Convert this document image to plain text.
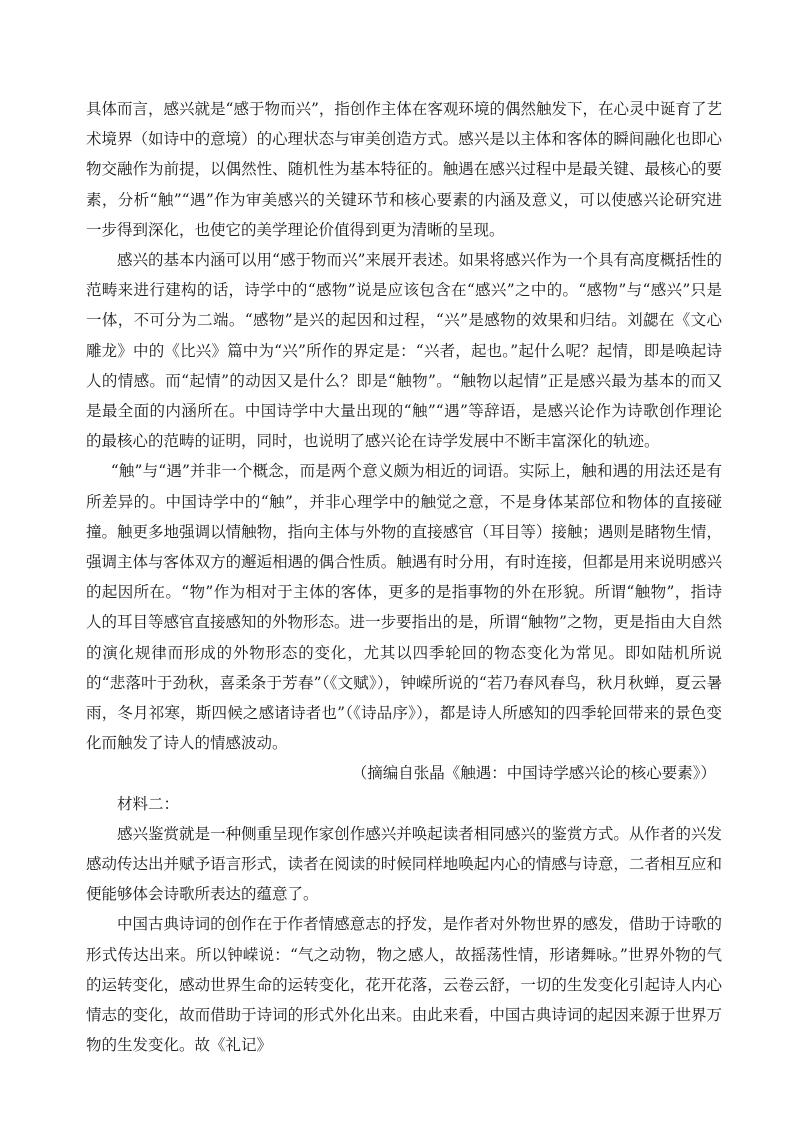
具体而言，感兴就是“感于物而兴”，指创作主体在客观环境的偶然触发下，在心灵中诞育了艺术境界（如诗中的意境）的心理状态与审美创造方式。感兴是以主体和客体的瞬间融化也即心物交融作为前提，以偶然性、随机性为基本特征的。触遇在感兴过程中是最关键、最核心的要素，分析“触”“遇”作为审美感兴的关键环节和核心要素的内涵及意义，可以使感兴论研究进一步得到深化，也使它的美学理论价值得到更为清晰的呈现。

感兴的基本内涵可以用“感于物而兴”来展开表述。如果将感兴作为一个具有高度概括性的范畴来进行建构的话，诗学中的“感物”说是应该包含在“感兴”之中的。“感物”与“感兴”只是一体，不可分为二端。“感物”是兴的起因和过程，“兴”是感物的效果和归结。刘勰在《文心雕龙》中的《比兴》篇中为“兴”所作的界定是：“兴者，起也。”起什么呢？起情，即是唤起诗人的情感。而“起情”的动因又是什么？即是“触物”。“触物以起情”正是感兴最为基本的而又是最全面的内涵所在。中国诗学中大量出现的“触”“遇”等辞语，是感兴论作为诗歌创作理论的最核心的范畴的证明，同时，也说明了感兴论在诗学发展中不断丰富深化的轨迹。

“触”与“遇”并非一个概念，而是两个意义颇为相近的词语。实际上，触和遇的用法还是有所差异的。中国诗学中的“触”，并非心理学中的触觉之意，不是身体某部位和物体的直接碰撞。触更多地强调以情触物，指向主体与外物的直接感官（耳目等）接触；遇则是睹物生情，强调主体与客体双方的邂逅相遇的偶合性质。触遇有时分用，有时连接，但都是用来说明感兴的起因所在。“物”作为相对于主体的客体，更多的是指事物的外在形貌。所谓“触物”，指诗人的耳目等感官直接感知的外物形态。进一步要指出的是，所谓“触物”之物，更是指由大自然的演化规律而形成的外物形态的变化，尤其以四季轮回的物态变化为常见。即如陆机所说的“悲落叶于劲秋，喜柔条于芳春”（《文赋》），钟嵘所说的“若乃春风春鸟，秋月秋蝉，夏云暑雨，冬月祁寒，斯四候之感诸诗者也”（《诗品序》），都是诗人所感知的四季轮回带来的景色变化而触发了诗人的情感波动。

（摘编自张晶《触遇：中国诗学感兴论的核心要素》）

材料二：

感兴鉴赏就是一种侧重呈现作家创作感兴并唤起读者相同感兴的鉴赏方式。从作者的兴发感动传达出并赋予语言形式，读者在阅读的时候同样地唤起内心的情感与诗意，二者相互应和便能够体会诗歌所表达的蕴意了。

中国古典诗词的创作在于作者情感意志的抒发，是作者对外物世界的感发，借助于诗歌的形式传达出来。所以钟嵘说：“气之动物，物之感人，故摇荡性情，形诸舞咏。”世界外物的气的运转变化，感动世界生命的运转变化，花开花落，云卷云舒，一切的生发变化引起诗人内心情志的变化，故而借助于诗词的形式外化出来。由此来看，中国古典诗词的起因来源于世界万物的生发变化。故《礼记》
